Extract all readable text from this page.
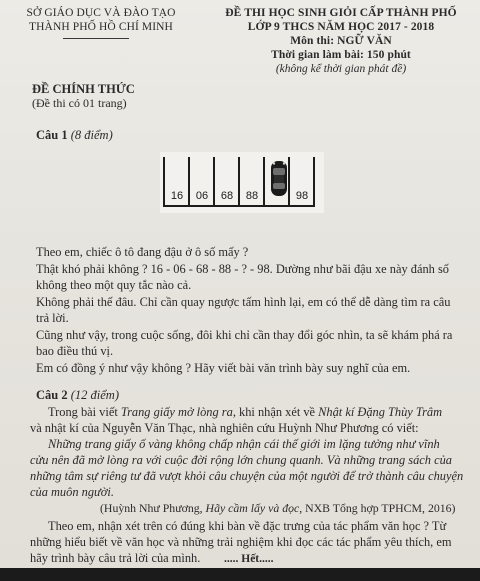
SỞ GIÁO DỤC VÀ ĐÀO TẠO
THÀNH PHỐ HỒ CHÍ MINH
ĐỀ THI HỌC SINH GIỎI CẤP THÀNH PHỐ
LỚP 9 THCS NĂM HỌC 2017 - 2018
Môn thi: NGỮ VĂN
Thời gian làm bài: 150 phút
(không kể thời gian phát đề)
ĐỀ CHÍNH THỨC
(Đề thi có 01 trang)
Câu 1 (8 điểm)
16	06	68	88	98
Theo em, chiếc ô tô đang đậu ở ô số mấy ?
Thật khó phải không ? 16 - 06 - 68 - 88 - ? - 98. Dường như bãi đậu xe này đánh số
không theo một quy tắc nào cả.
Không phải thế đâu. Chỉ cần quay ngược tấm hình lại, em có thể dễ dàng tìm ra câu
trả lời.
Cũng như vậy, trong cuộc sống, đôi khi chỉ cần thay đổi góc nhìn, ta sẽ khám phá ra
bao điều thú vị.
Em có đồng ý như vậy không ? Hãy viết bài văn trình bày suy nghĩ của em.
Câu 2 (12 điểm)
Trong bài viết Trang giấy mở lòng ra, khi nhận xét về Nhật kí Đặng Thùy Trâm
và nhật kí của Nguyễn Văn Thạc, nhà nghiên cứu Huỳnh Như Phương có viết:
Những trang giấy ố vàng không chấp nhận cái thế giới im lặng tưởng như vĩnh
cửu nên đã mở lòng ra với cuộc đời rộng lớn chung quanh. Và những trang sách của
những tâm sự riêng tư đã vượt khỏi câu chuyện của một người để trở thành câu chuyện
của muôn người.
(Huỳnh Như Phương, Hãy cầm lấy và đọc, NXB Tổng hợp TPHCM, 2016)
Theo em, nhận xét trên có đúng khi bàn về đặc trưng của tác phẩm văn học ? Từ
những hiểu biết về văn học và những trải nghiệm khi đọc các tác phẩm yêu thích, em
hãy trình bày câu trả lời của mình. ..... Hết.....
